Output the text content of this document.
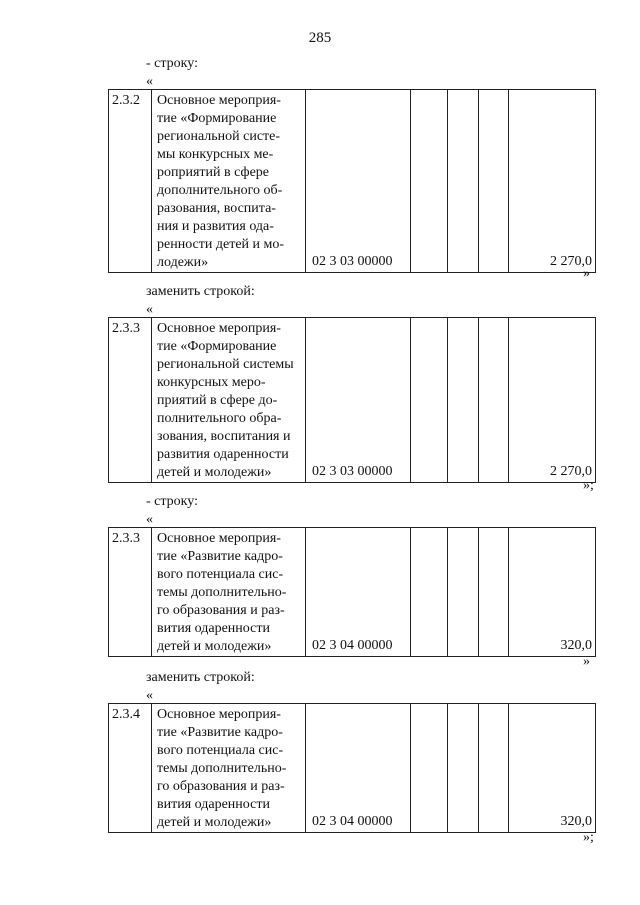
285
- строку:
«
2.3.2	Основное мероприя-
тие «Формирование
региональной систе-
мы конкурсных ме-
роприятий в сфере
дополнительного об-
разования, воспита-
ния и развития ода-
ренности детей и мо-
лодежи»	02 3 03 00000				2 270,0
»
заменить строкой:
«
2.3.3	Основное мероприя-
тие «Формирование
региональной системы
конкурсных меро-
приятий в сфере до-
полнительного обра-
зования, воспитания и
развития одаренности
детей и молодежи»	02 3 03 00000				2 270,0
»;
- строку:
«
2.3.3	Основное мероприя-
тие «Развитие кадро-
вого потенциала сис-
темы дополнительно-
го образования и раз-
вития одаренности
детей и молодежи»	02 3 04 00000				320,0
»
заменить строкой:
«
2.3.4	Основное мероприя-
тие «Развитие кадро-
вого потенциала сис-
темы дополнительно-
го образования и раз-
вития одаренности
детей и молодежи»	02 3 04 00000				320,0
»;
